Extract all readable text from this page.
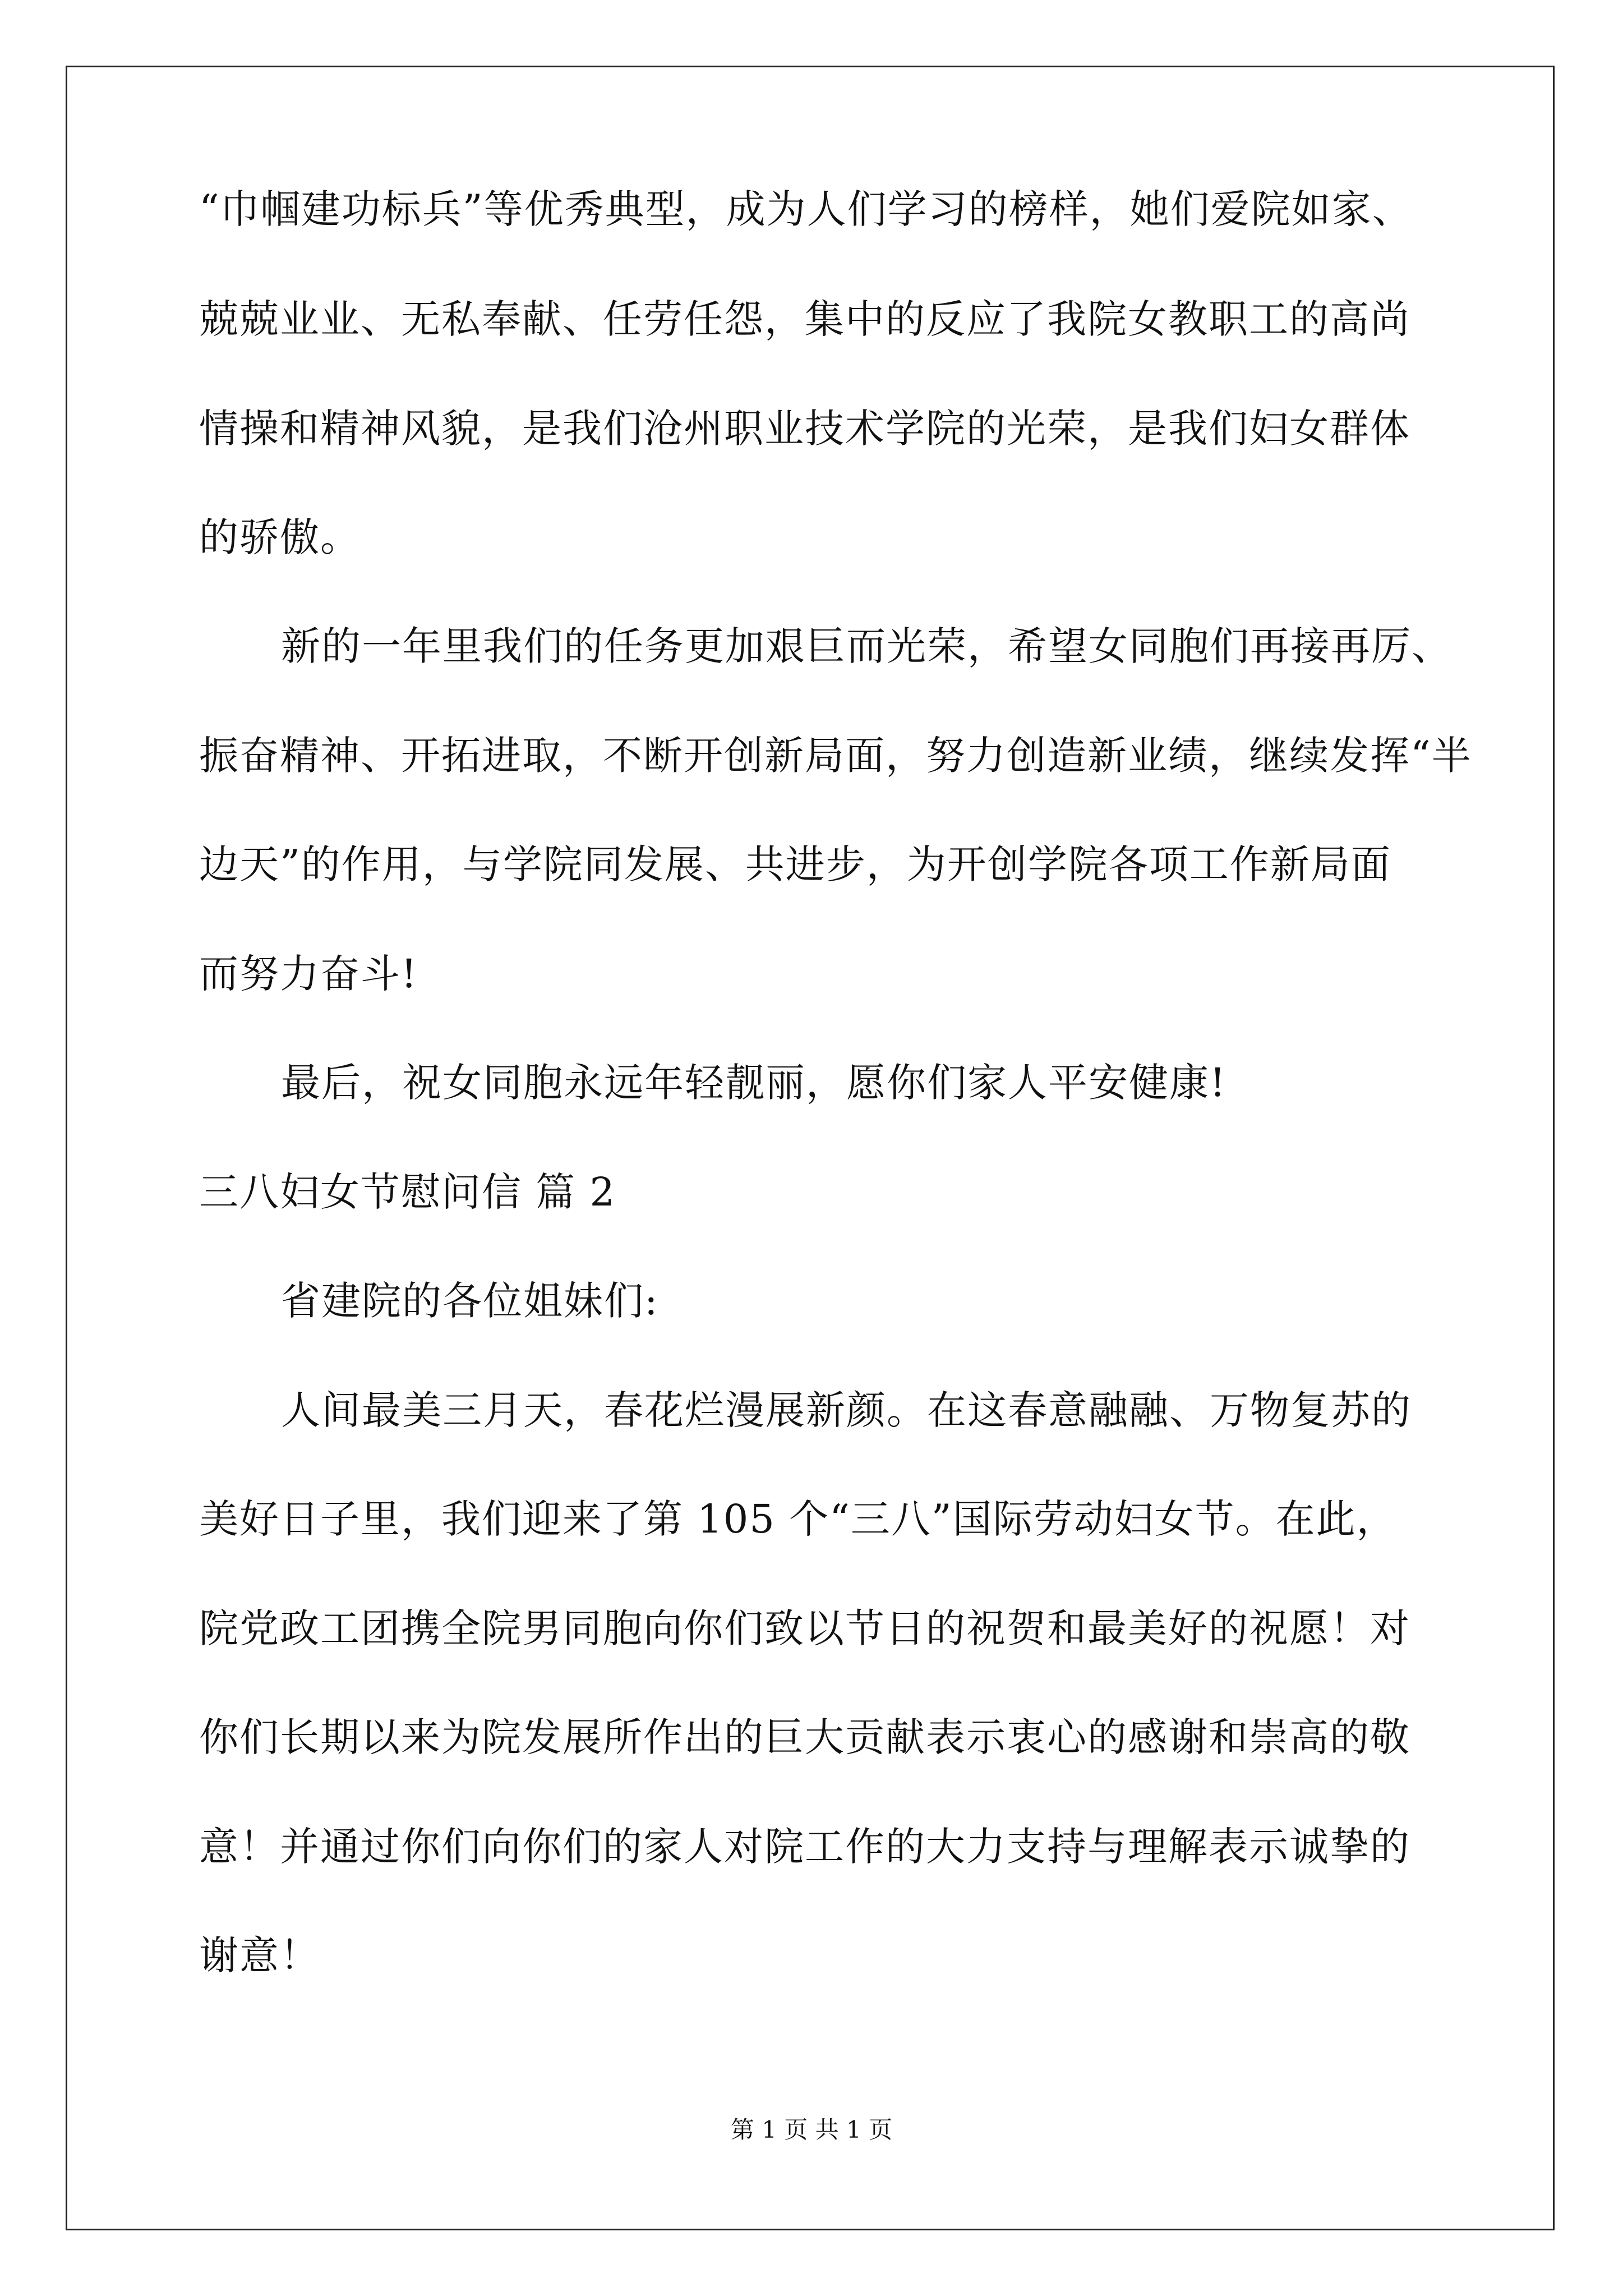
“巾帼建功标兵”等优秀典型，成为人们学习的榜样，她们爱院如家、
兢兢业业、无私奉献、任劳任怨，集中的反应了我院女教职工的高尚
情操和精神风貌，是我们沧州职业技术学院的光荣，是我们妇女群体
的骄傲。
新的一年里我们的任务更加艰巨而光荣，希望女同胞们再接再厉、
振奋精神、开拓进取，不断开创新局面，努力创造新业绩，继续发挥“半
边天”的作用，与学院同发展、共进步，为开创学院各项工作新局面
而努力奋斗!
最后，祝女同胞永远年轻靓丽，愿你们家人平安健康!
三八妇女节慰问信 篇 2
省建院的各位姐妹们:
人间最美三月天，春花烂漫展新颜。在这春意融融、万物复苏的
美好日子里，我们迎来了第 105 个“三八”国际劳动妇女节。在此，
院党政工团携全院男同胞向你们致以节日的祝贺和最美好的祝愿！对
你们长期以来为院发展所作出的巨大贡献表示衷心的感谢和崇高的敬
意！并通过你们向你们的家人对院工作的大力支持与理解表示诚挚的
谢意！
第 1 页 共 1 页
